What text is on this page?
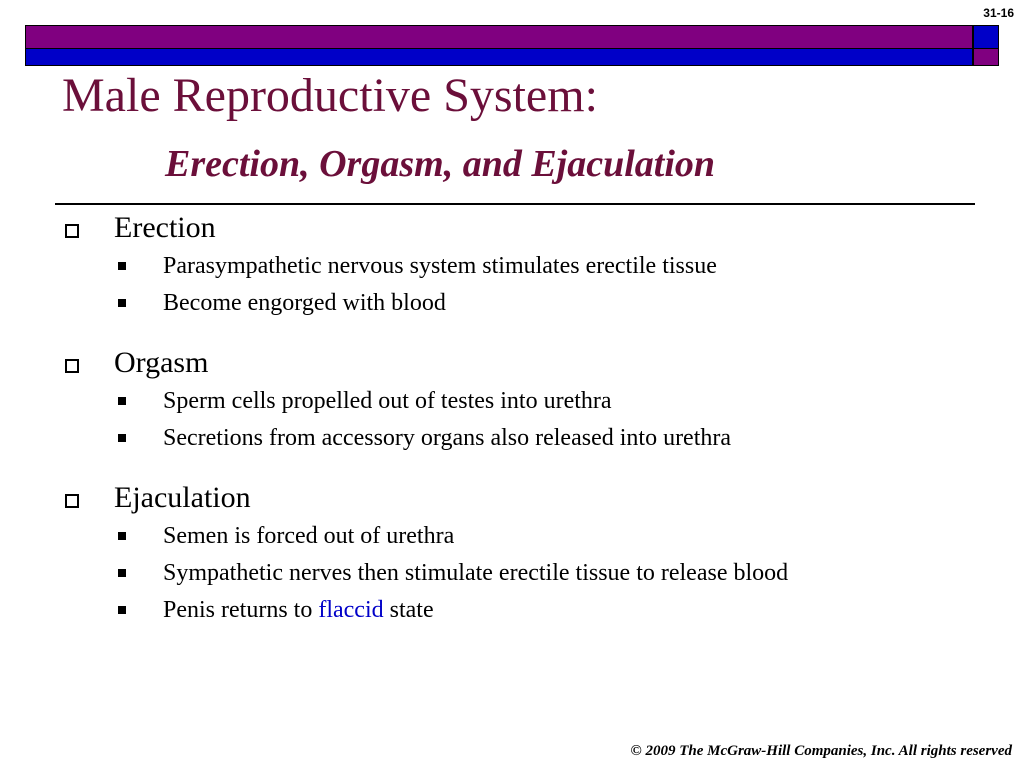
31-16
Male Reproductive System:
Erection, Orgasm, and Ejaculation
Erection
Parasympathetic nervous system stimulates erectile tissue
Become engorged with blood
Orgasm
Sperm cells propelled out of testes into urethra
Secretions from accessory organs also released into urethra
Ejaculation
Semen is forced out of urethra
Sympathetic nerves then stimulate erectile tissue to release blood
Penis returns to flaccid state
© 2009 The McGraw-Hill Companies, Inc. All rights reserved
